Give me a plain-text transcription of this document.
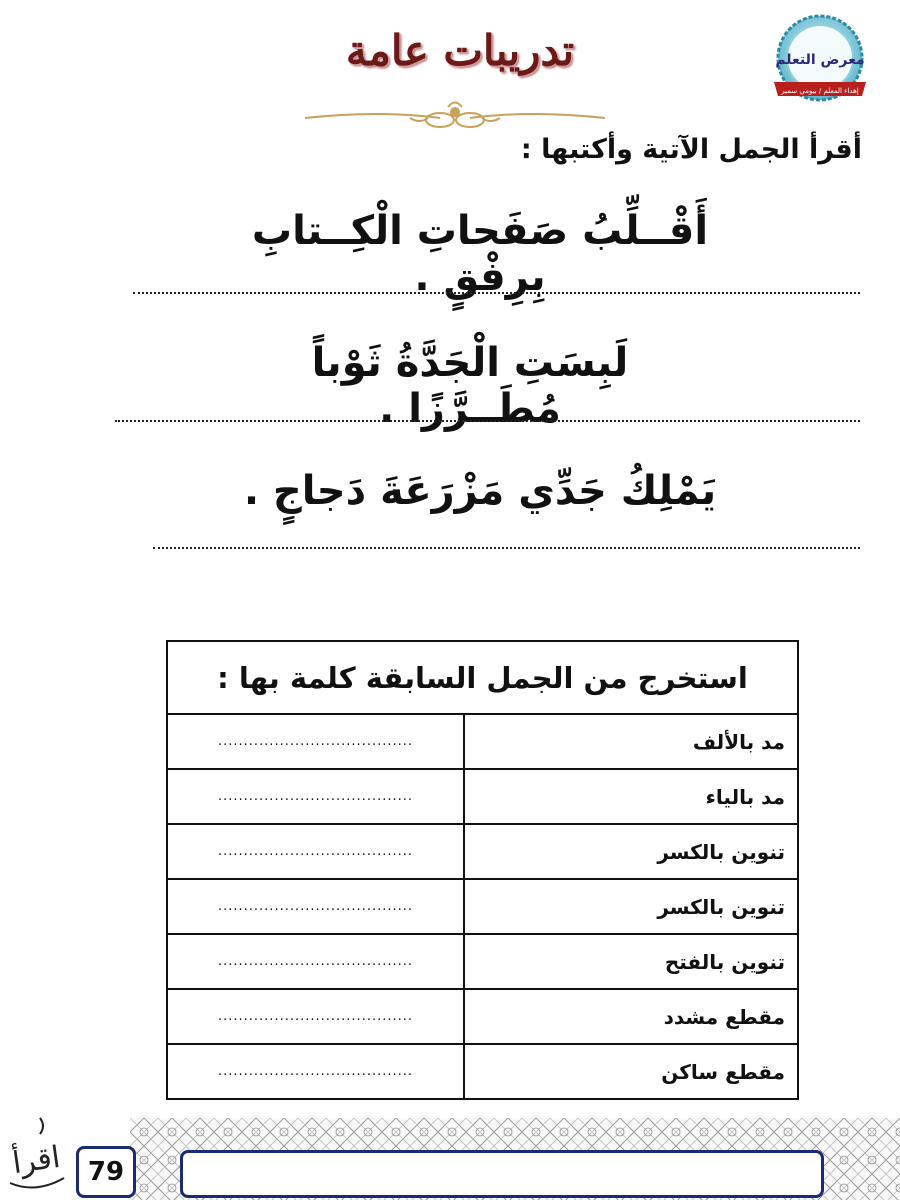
معرض التعلم
إهداء المعلم / بيومي سمير
تدريبات عامة
أقرأ الجمل الآتية وأكتبها :
أَقْــلِّبُ صَفَحاتِ الْكِــتابِ بِرِفْقٍ .
لَبِسَتِ الْجَدَّةُ ثَوْباً مُطَــرَّزًا .
يَمْلِكُ جَدِّي مَزْرَعَةَ دَجاجٍ .
استخرج من الجمل السابقة كلمة بها :	
مد بالألف	......................................
مد بالياء	......................................
تنوين بالكسر	......................................
تنوين بالكسر	......................................
تنوين بالفتح	......................................
مقطع مشدد	......................................
مقطع ساكن	......................................
79
اقرأ
